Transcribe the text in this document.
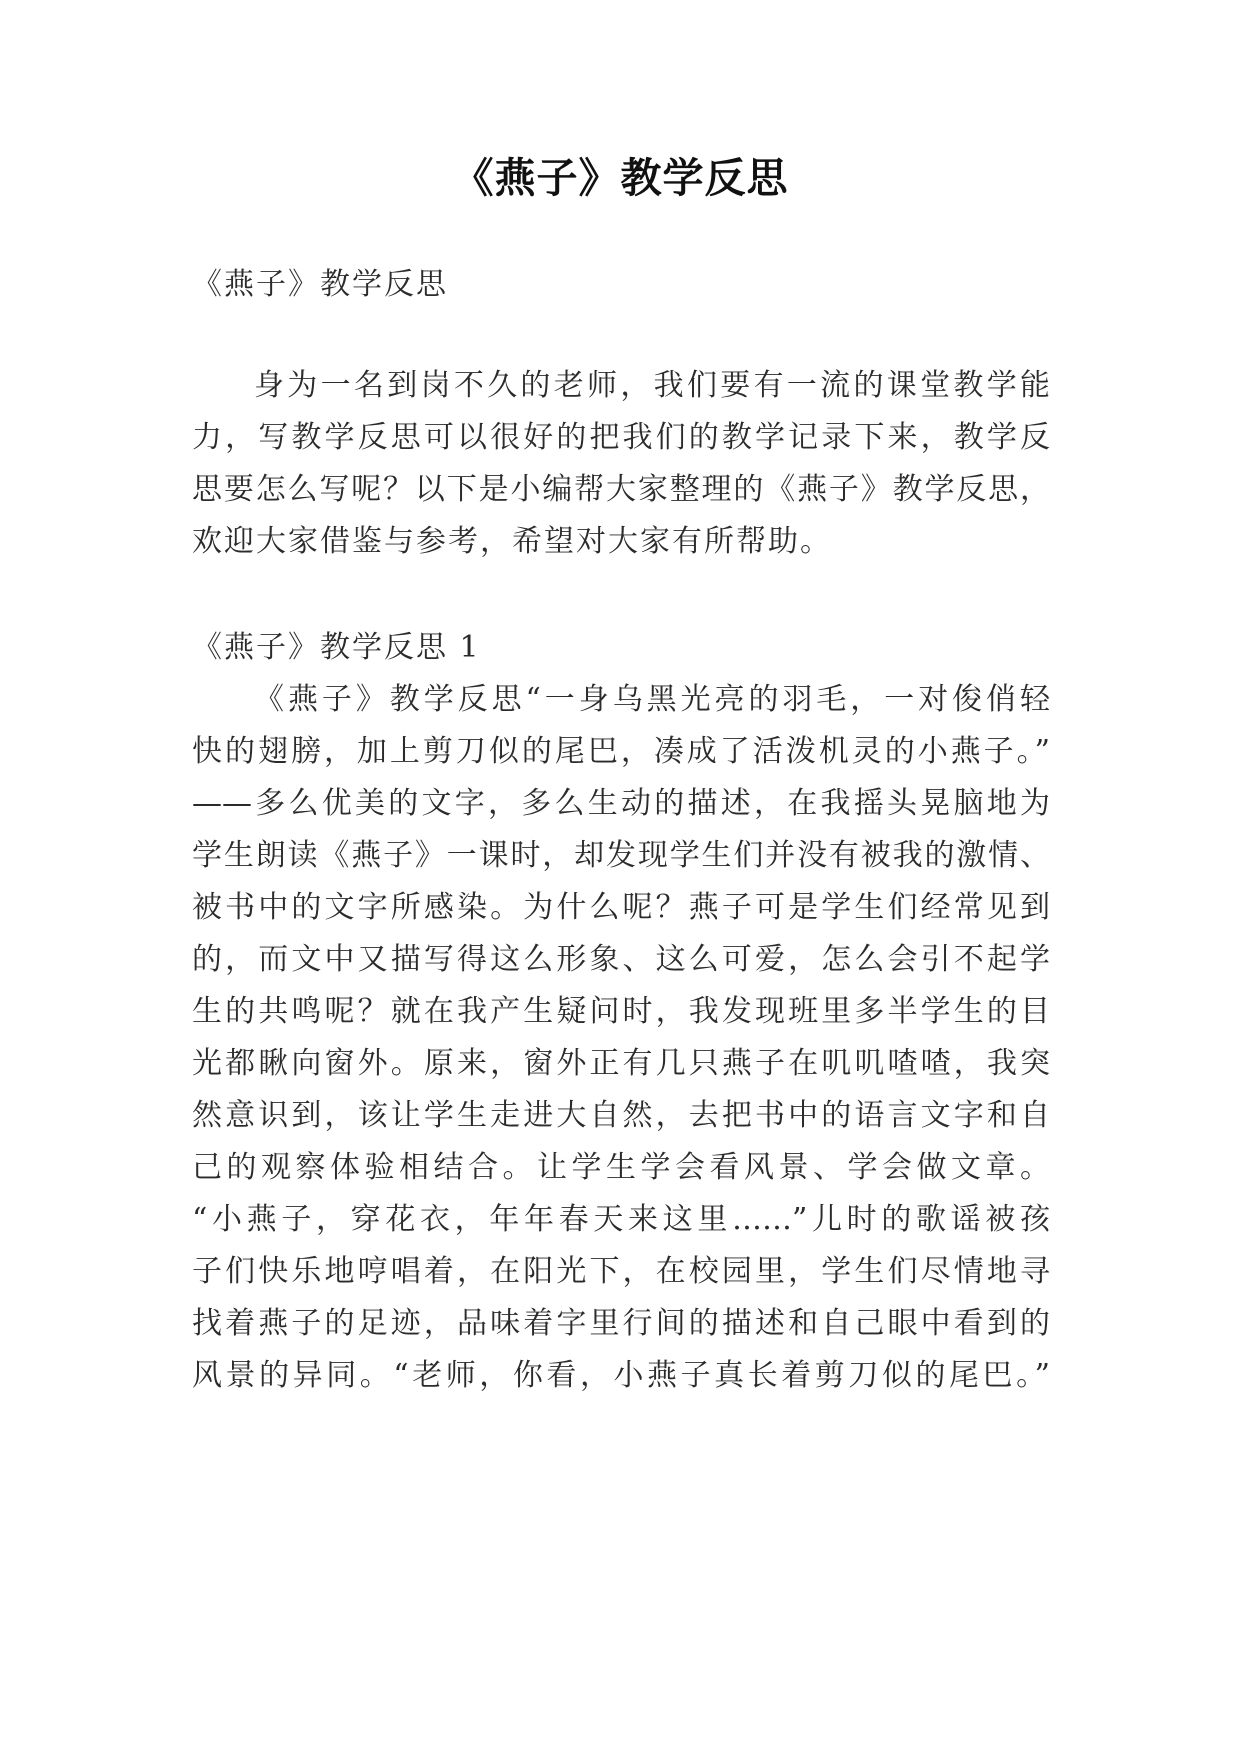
《燕子》教学反思
《燕子》教学反思
身为一名到岗不久的老师，我们要有一流的课堂教学能
力，写教学反思可以很好的把我们的教学记录下来，教学反
思要怎么写呢？以下是小编帮大家整理的《燕子》教学反思，
欢迎大家借鉴与参考，希望对大家有所帮助。
《燕子》教学反思 1
《燕子》教学反思“一身乌黑光亮的羽毛，一对俊俏轻
快的翅膀，加上剪刀似的尾巴，凑成了活泼机灵的小燕子。”
——多么优美的文字，多么生动的描述，在我摇头晃脑地为
学生朗读《燕子》一课时，却发现学生们并没有被我的激情、
被书中的文字所感染。为什么呢？燕子可是学生们经常见到
的，而文中又描写得这么形象、这么可爱，怎么会引不起学
生的共鸣呢？就在我产生疑问时，我发现班里多半学生的目
光都瞅向窗外。原来，窗外正有几只燕子在叽叽喳喳，我突
然意识到，该让学生走进大自然，去把书中的语言文字和自
己的观察体验相结合。让学生学会看风景、学会做文章。
“小燕子，穿花衣，年年春天来这里……”儿时的歌谣被孩
子们快乐地哼唱着，在阳光下，在校园里，学生们尽情地寻
找着燕子的足迹，品味着字里行间的描述和自己眼中看到的
风景的异同。“老师，你看，小燕子真长着剪刀似的尾巴。”
